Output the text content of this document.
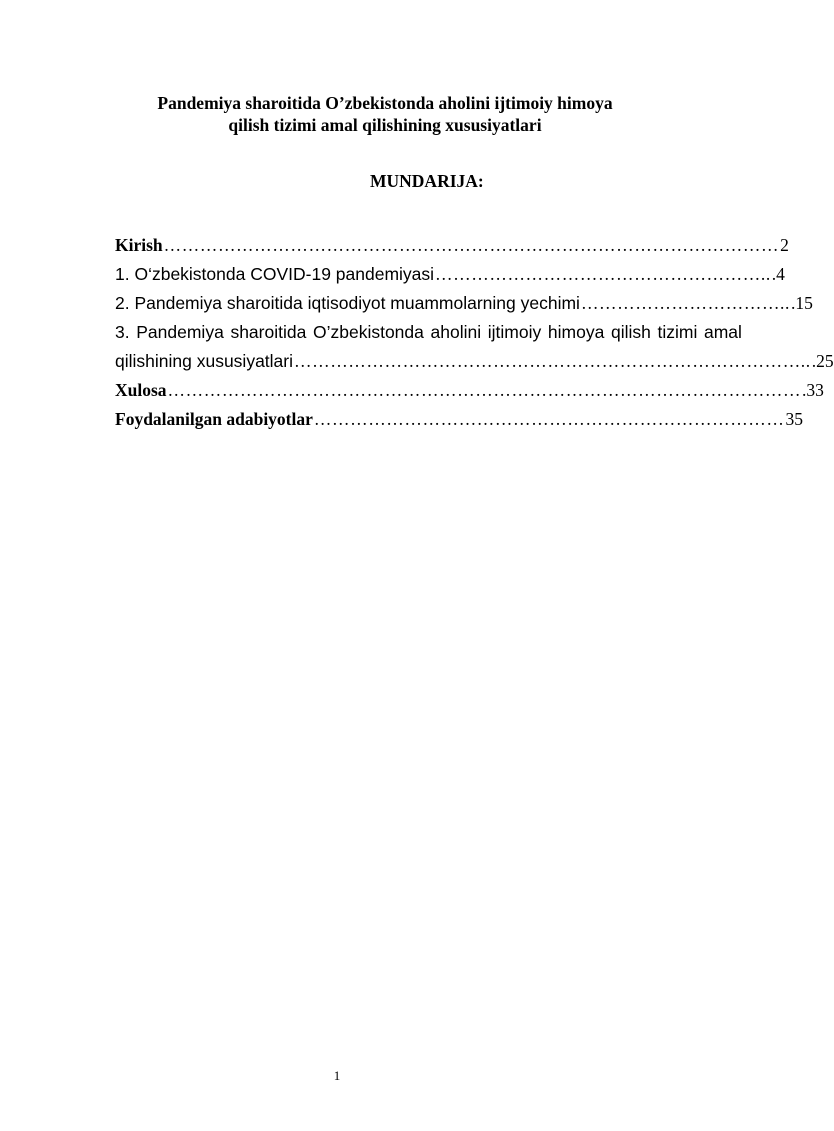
Pandemiya sharoitida O’zbekistonda aholini ijtimoiy himoya
qilish tizimi amal qilishining xususiyatlari
MUNDARIJA:
Kirish ………………………………………………………………………………………… 2
1. O‘zbekistonda COVID-19 pandemiyasi ……………………………………………….. .4
2. Pandemiya sharoitida iqtisodiyot muammolarning yechimi …………………………….. .15
3. Pandemiya sharoitida O’zbekistonda aholini ijtimoiy himoya qilish tizimi amal
qilishining xususiyatlari ………………………………………………………………………….. .25
Xulosa …………………………………………………………………………………………… .33
Foydalanilgan adabiyotlar …………………………………………………………………… 35
1
